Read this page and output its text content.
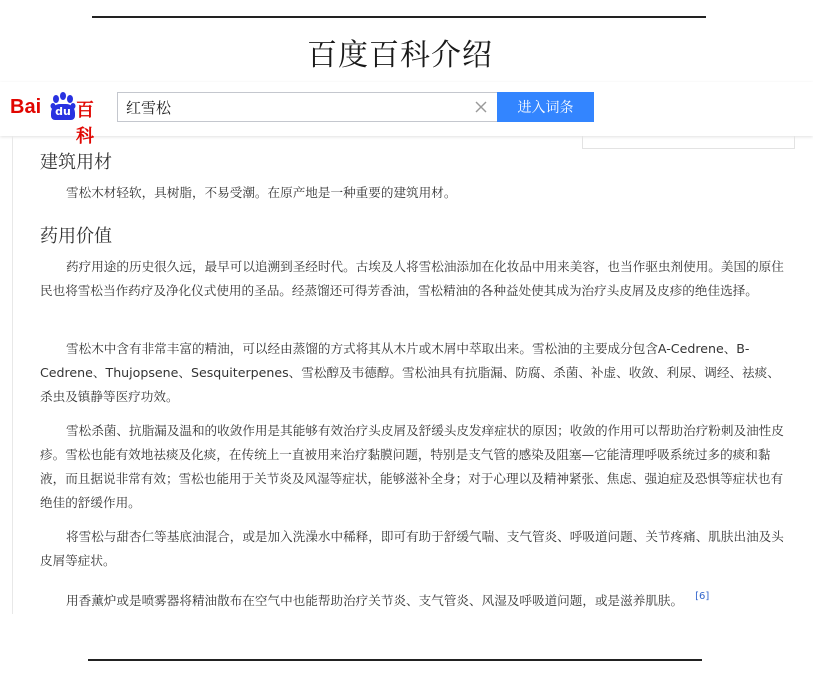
百度百科介绍
Bai	du 百科
红雪松
进入词条
建筑用材

雪松木材轻软，具树脂，不易受潮。在原产地是一种重要的建筑用材。

药用价值

药疗用途的历史很久远，最早可以追溯到圣经时代。古埃及人将雪松油添加在化妆品中用来美容，也当作驱虫剂使用。美国的原住民也将雪松当作药疗及净化仪式使用的圣品。经蒸馏还可得芳香油，雪松精油的各种益处使其成为治疗头皮屑及皮疹的绝佳选择。

雪松木中含有非常丰富的精油，可以经由蒸馏的方式将其从木片或木屑中萃取出来。雪松油的主要成分包含A-Cedrene、B-Cedrene、Thujopsene、Sesquiterpenes、雪松醇及韦德醇。雪松油具有抗脂漏、防腐、杀菌、补虚、收敛、利尿、调经、祛痰、杀虫及镇静等医疗功效。

雪松杀菌、抗脂漏及温和的收敛作用是其能够有效治疗头皮屑及舒缓头皮发痒症状的原因；收敛的作用可以帮助治疗粉刺及油性皮疹。雪松也能有效地祛痰及化痰，在传统上一直被用来治疗黏膜问题，特别是支气管的感染及阻塞—它能清理呼吸系统过多的痰和黏液，而且据说非常有效；雪松也能用于关节炎及风湿等症状，能够滋补全身；对于心理以及精神紧张、焦虑、强迫症及恐惧等症状也有绝佳的舒缓作用。

将雪松与甜杏仁等基底油混合，或是加入洗澡水中稀释，即可有助于舒缓气喘、支气管炎、呼吸道问题、关节疼痛、肌肤出油及头皮屑等症状。

用香薰炉或是喷雾器将精油散布在空气中也能帮助治疗关节炎、支气管炎、风湿及呼吸道问题，或是滋养肌肤。 [6]
